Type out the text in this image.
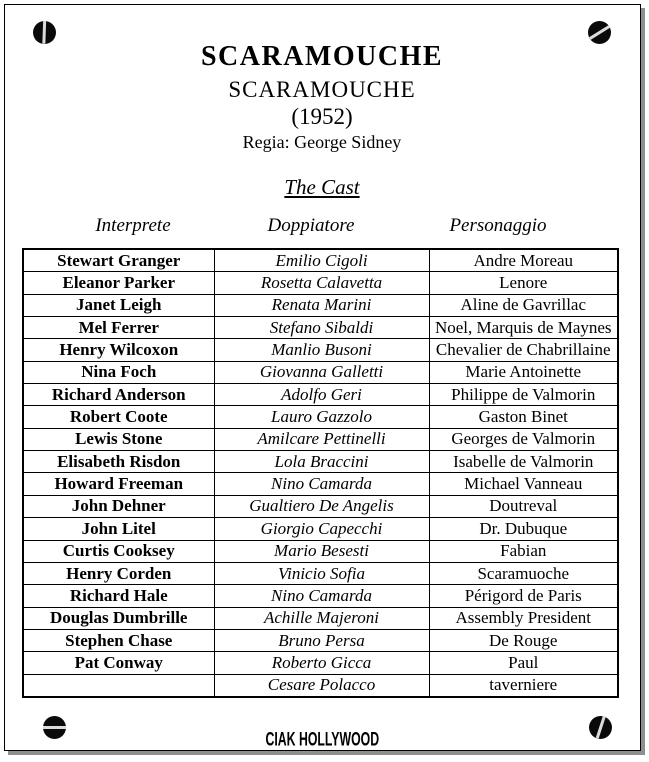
SCARAMOUCHE
SCARAMOUCHE
(1952)
Regia: George Sidney
The Cast
Interprete	Doppiatore	Personaggio
Stewart Granger	Emilio Cigoli	Andre Moreau
Eleanor Parker	Rosetta Calavetta	Lenore
Janet Leigh	Renata Marini	Aline de Gavrillac
Mel Ferrer	Stefano Sibaldi	Noel, Marquis de Maynes
Henry Wilcoxon	Manlio Busoni	Chevalier de Chabrillaine
Nina Foch	Giovanna Galletti	Marie Antoinette
Richard Anderson	Adolfo Geri	Philippe de Valmorin
Robert Coote	Lauro Gazzolo	Gaston Binet
Lewis Stone	Amilcare Pettinelli	Georges de Valmorin
Elisabeth Risdon	Lola Braccini	Isabelle de Valmorin
Howard Freeman	Nino Camarda	Michael Vanneau
John Dehner	Gualtiero De Angelis	Doutreval
John Litel	Giorgio Capecchi	Dr. Dubuque
Curtis Cooksey	Mario Besesti	Fabian
Henry Corden	Vinicio Sofia	Scaramuoche
Richard Hale	Nino Camarda	Périgord de Paris
Douglas Dumbrille	Achille Majeroni	Assembly President
Stephen Chase	Bruno Persa	De Rouge
Pat Conway	Roberto Gicca	Paul
	Cesare Polacco	taverniere
CIAK HOLLYWOOD
